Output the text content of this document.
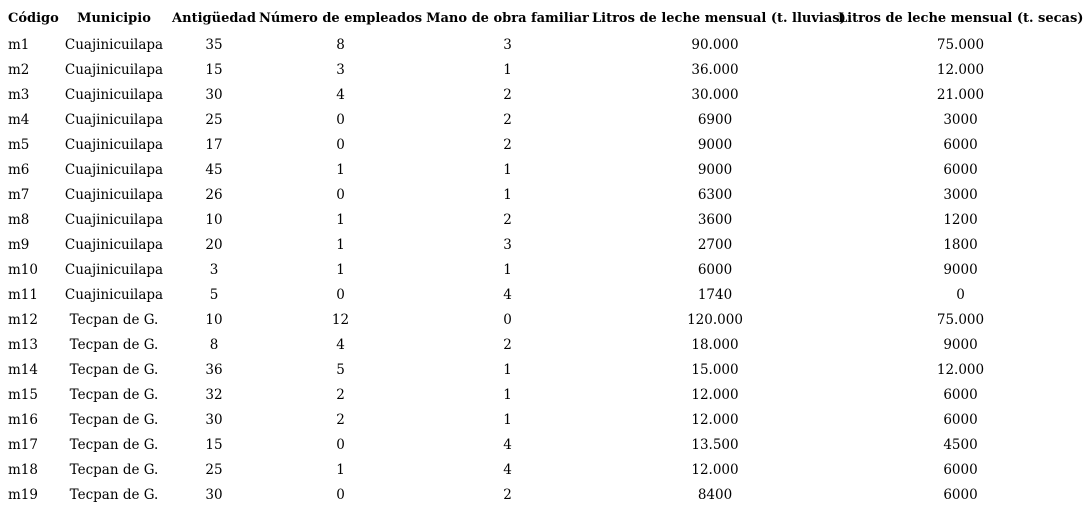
Código	Municipio	Antigüedad	Número de empleados	Mano de obra familiar	Litros de leche mensual (t. lluvias)	Litros de leche mensual (t. secas)
m1	Cuajinicuilapa	35	8	3	90.000	75.000
m2	Cuajinicuilapa	15	3	1	36.000	12.000
m3	Cuajinicuilapa	30	4	2	30.000	21.000
m4	Cuajinicuilapa	25	0	2	6900	3000
m5	Cuajinicuilapa	17	0	2	9000	6000
m6	Cuajinicuilapa	45	1	1	9000	6000
m7	Cuajinicuilapa	26	0	1	6300	3000
m8	Cuajinicuilapa	10	1	2	3600	1200
m9	Cuajinicuilapa	20	1	3	2700	1800
m10	Cuajinicuilapa	3	1	1	6000	9000
m11	Cuajinicuilapa	5	0	4	1740	0
m12	Tecpan de G.	10	12	0	120.000	75.000
m13	Tecpan de G.	8	4	2	18.000	9000
m14	Tecpan de G.	36	5	1	15.000	12.000
m15	Tecpan de G.	32	2	1	12.000	6000
m16	Tecpan de G.	30	2	1	12.000	6000
m17	Tecpan de G.	15	0	4	13.500	4500
m18	Tecpan de G.	25	1	4	12.000	6000
m19	Tecpan de G.	30	0	2	8400	6000
